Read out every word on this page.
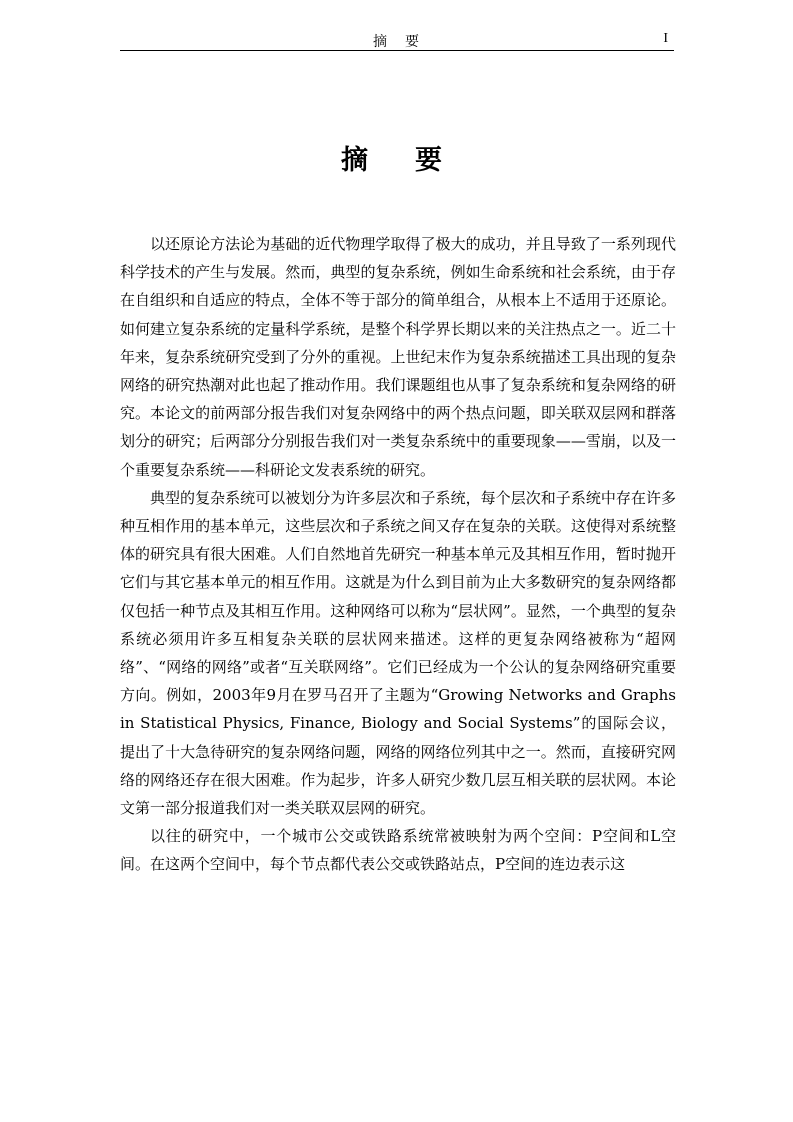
摘　要	I
摘　要

以还原论方法论为基础的近代物理学取得了极大的成功，并且导致了一系列现代科学技术的产生与发展。然而，典型的复杂系统，例如生命系统和社会系统，由于存在自组织和自适应的特点，全体不等于部分的简单组合，从根本上不适用于还原论。如何建立复杂系统的定量科学系统，是整个科学界长期以来的关注热点之一。近二十年来，复杂系统研究受到了分外的重视。上世纪末作为复杂系统描述工具出现的复杂网络的研究热潮对此也起了推动作用。我们课题组也从事了复杂系统和复杂网络的研究。本论文的前两部分报告我们对复杂网络中的两个热点问题，即关联双层网和群落划分的研究；后两部分分别报告我们对一类复杂系统中的重要现象——雪崩，以及一个重要复杂系统——科研论文发表系统的研究。

典型的复杂系统可以被划分为许多层次和子系统，每个层次和子系统中存在许多种互相作用的基本单元，这些层次和子系统之间又存在复杂的关联。这使得对系统整体的研究具有很大困难。人们自然地首先研究一种基本单元及其相互作用，暂时抛开它们与其它基本单元的相互作用。这就是为什么到目前为止大多数研究的复杂网络都仅包括一种节点及其相互作用。这种网络可以称为“层状网”。显然，一个典型的复杂系统必须用许多互相复杂关联的层状网来描述。这样的更复杂网络被称为“超网络”、“网络的网络”或者“互关联网络”。它们已经成为一个公认的复杂网络研究重要方向。例如，2003年9月在罗马召开了主题为“Growing Networks and Graphs in Statistical Physics, Finance, Biology and Social Systems”的国际会议，提出了十大急待研究的复杂网络问题，网络的网络位列其中之一。然而，直接研究网络的网络还存在很大困难。作为起步，许多人研究少数几层互相关联的层状网。本论文第一部分报道我们对一类关联双层网的研究。

以往的研究中，一个城市公交或铁路系统常被映射为两个空间：P空间和L空间。在这两个空间中，每个节点都代表公交或铁路站点，P空间的连边表示这
